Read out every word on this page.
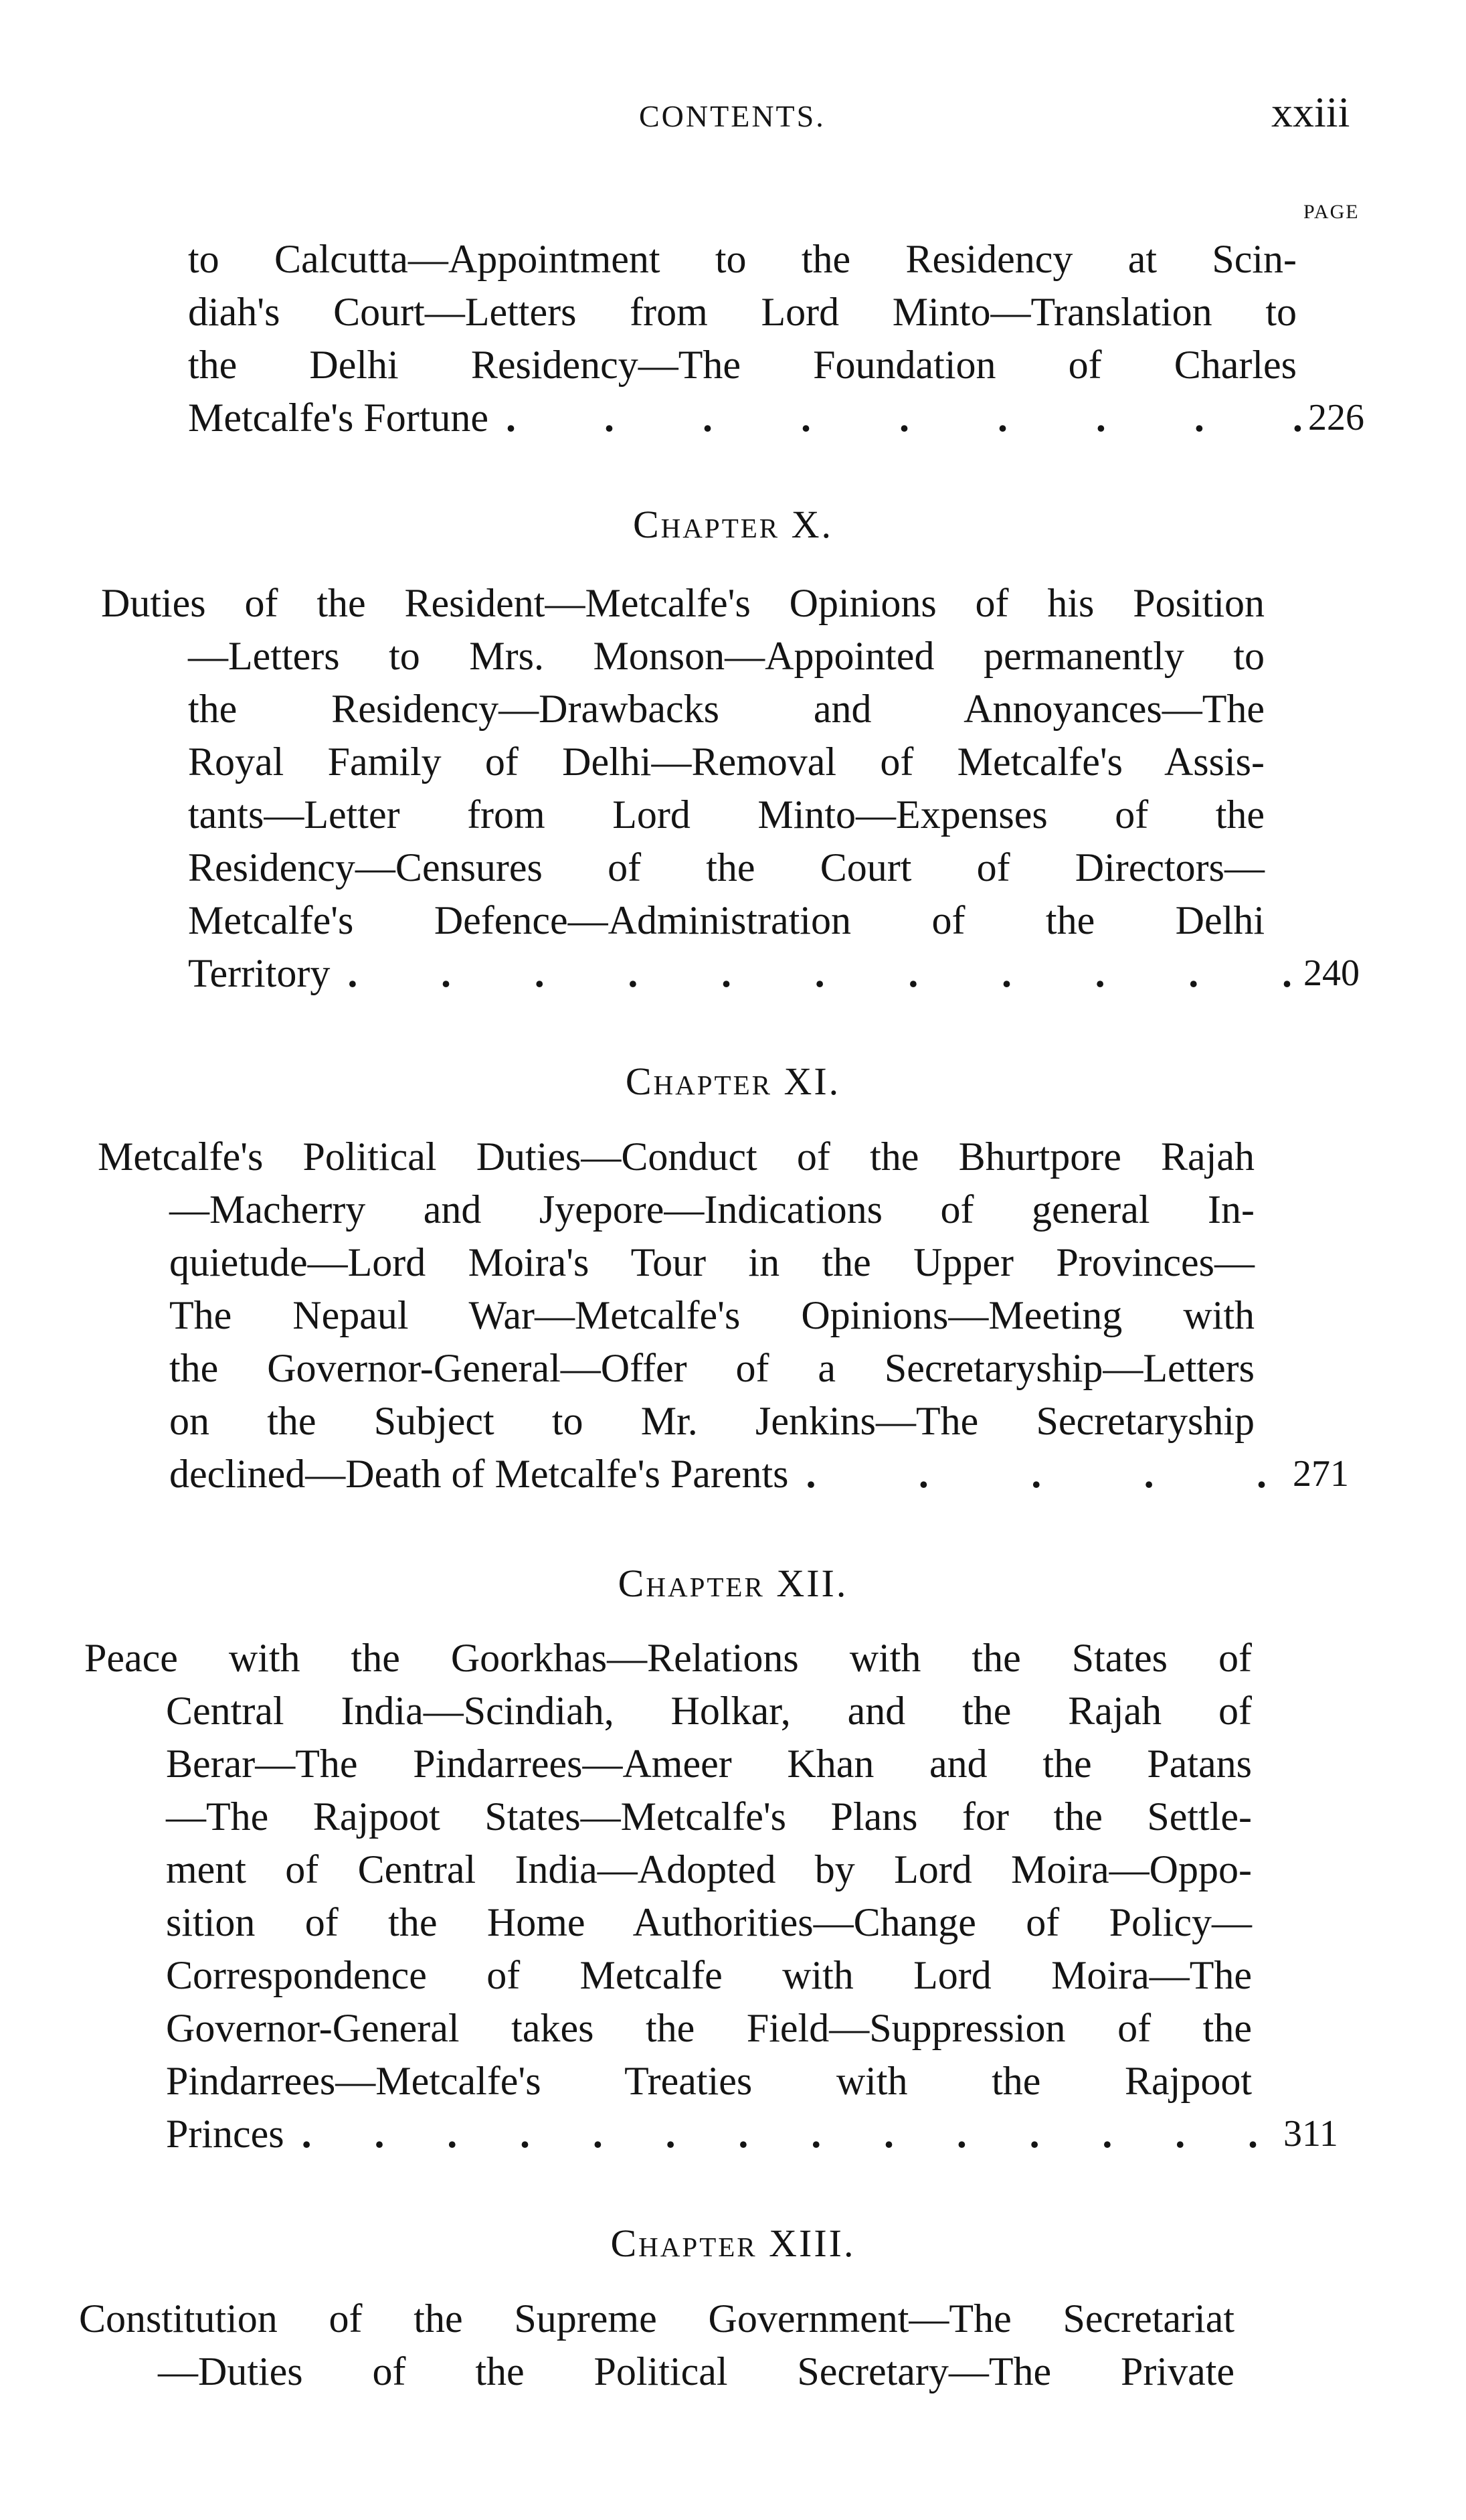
CONTENTS.	xxiii
PAGE
to Calcutta—Appointment to the Residency at Scin-
diah's Court—Letters from Lord Minto—Translation to
the Delhi Residency—The Foundation of Charles
Metcalfe's Fortune . . . . . . . . . 226
Chapter X.
Duties of the Resident—Metcalfe's Opinions of his Position
—Letters to Mrs. Monson—Appointed permanently to
the Residency—Drawbacks and Annoyances—The
Royal Family of Delhi—Removal of Metcalfe's Assis-
tants—Letter from Lord Minto—Expenses of the
Residency—Censures of the Court of Directors—
Metcalfe's Defence—Administration of the Delhi
Territory . . . . . . . . . . . 240
Chapter XI.
Metcalfe's Political Duties—Conduct of the Bhurtpore Rajah
—Macherry and Jyepore—Indications of general In-
quietude—Lord Moira's Tour in the Upper Provinces—
The Nepaul War—Metcalfe's Opinions—Meeting with
the Governor-General—Offer of a Secretaryship—Letters
on the Subject to Mr. Jenkins—The Secretaryship
declined—Death of Metcalfe's Parents .	.	.	.	. 271
Chapter XII.
Peace with the Goorkhas—Relations with the States of
Central India—Scindiah, Holkar, and the Rajah of
Berar—The Pindarrees—Ameer Khan and the Patans
—The Rajpoot States—Metcalfe's Plans for the Settle-
ment of Central India—Adopted by Lord Moira—Oppo-
sition of the Home Authorities—Change of Policy—
Correspondence of Metcalfe with Lord Moira—The
Governor-General takes the Field—Suppression of the
Pindarrees—Metcalfe's Treaties with the Rajpoot
Princes . . . . . . . . . . . . . . 311
Chapter XIII.
Constitution of the Supreme Government—The Secretariat
—Duties of the Political Secretary—The Private
